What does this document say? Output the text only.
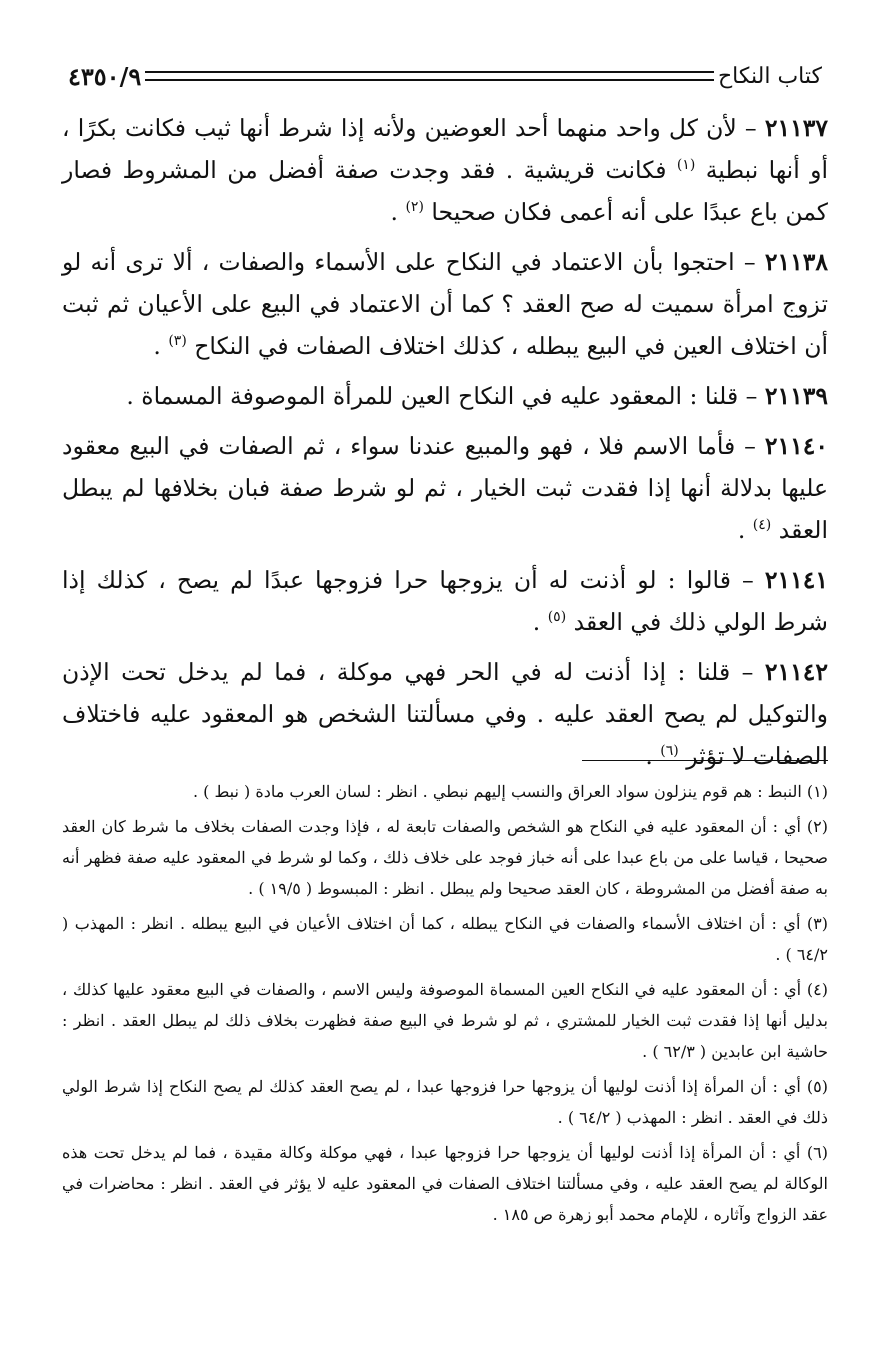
كتاب النكاح
٤٣٥٠/٩

٢١١٣٧ – لأن كل واحد منهما أحد العوضين ولأنه إذا شرط أنها ثيب فكانت بكرًا ، أو أنها نبطية $^{(١)}$ فكانت قريشية . فقد وجدت صفة أفضل من المشروط فصار كمن باع عبدًا على أنه أعمى فكان صحيحا $^{(٢)}$ .

٢١١٣٨ – احتجوا بأن الاعتماد في النكاح على الأسماء والصفات ، ألا ترى أنه لو تزوج امرأة سميت له صح العقد ؟ كما أن الاعتماد في البيع على الأعيان ثم ثبت أن اختلاف العين في البيع يبطله ، كذلك اختلاف الصفات في النكاح $^{(٣)}$ .

٢١١٣٩ – قلنا : المعقود عليه في النكاح العين للمرأة الموصوفة المسماة .

٢١١٤٠ – فأما الاسم فلا ، فهو والمبيع عندنا سواء ، ثم الصفات في البيع معقود عليها بدلالة أنها إذا فقدت ثبت الخيار ، ثم لو شرط صفة فبان بخلافها لم يبطل العقد $^{(٤)}$ .

٢١١٤١ – قالوا : لو أذنت له أن يزوجها حرا فزوجها عبدًا لم يصح ، كذلك إذا شرط الولي ذلك في العقد $^{(٥)}$ .

٢١١٤٢ – قلنا : إذا أذنت له في الحر فهي موكلة ، فما لم يدخل تحت الإذن والتوكيل لم يصح العقد عليه . وفي مسألتنا الشخص هو المعقود عليه فاختلاف الصفات لا تؤثر $^{(٦)}$ .

(١) النبط : هم قوم ينزلون سواد العراق والنسب إليهم نبطي . انظر : لسان العرب مادة ( نبط ) .

(٢) أي : أن المعقود عليه في النكاح هو الشخص والصفات تابعة له ، فإذا وجدت الصفات بخلاف ما شرط كان العقد صحيحا ، قياسا على من باع عبدا على أنه خباز فوجد على خلاف ذلك ، وكما لو شرط في المعقود عليه صفة فظهر أنه به صفة أفضل من المشروطة ، كان العقد صحيحا ولم يبطل . انظر : المبسوط ( ١٩/٥ ) .

(٣) أي : أن اختلاف الأسماء والصفات في النكاح يبطله ، كما أن اختلاف الأعيان في البيع يبطله . انظر : المهذب ( ٦٤/٢ ) .

(٤) أي : أن المعقود عليه في النكاح العين المسماة الموصوفة وليس الاسم ، والصفات في البيع معقود عليها كذلك ، بدليل أنها إذا فقدت ثبت الخيار للمشتري ، ثم لو شرط في البيع صفة فظهرت بخلاف ذلك لم يبطل العقد . انظر : حاشية ابن عابدين ( ٦٢/٣ ) .

(٥) أي : أن المرأة إذا أذنت لوليها أن يزوجها حرا فزوجها عبدا ، لم يصح العقد كذلك لم يصح النكاح إذا شرط الولي ذلك في العقد . انظر : المهذب ( ٦٤/٢ ) .

(٦) أي : أن المرأة إذا أذنت لوليها أن يزوجها حرا فزوجها عبدا ، فهي موكلة وكالة مقيدة ، فما لم يدخل تحت هذه الوكالة لم يصح العقد عليه ، وفي مسألتنا اختلاف الصفات في المعقود عليه لا يؤثر في العقد . انظر : محاضرات في عقد الزواج وآثاره ، للإمام محمد أبو زهرة ص ١٨٥ .
